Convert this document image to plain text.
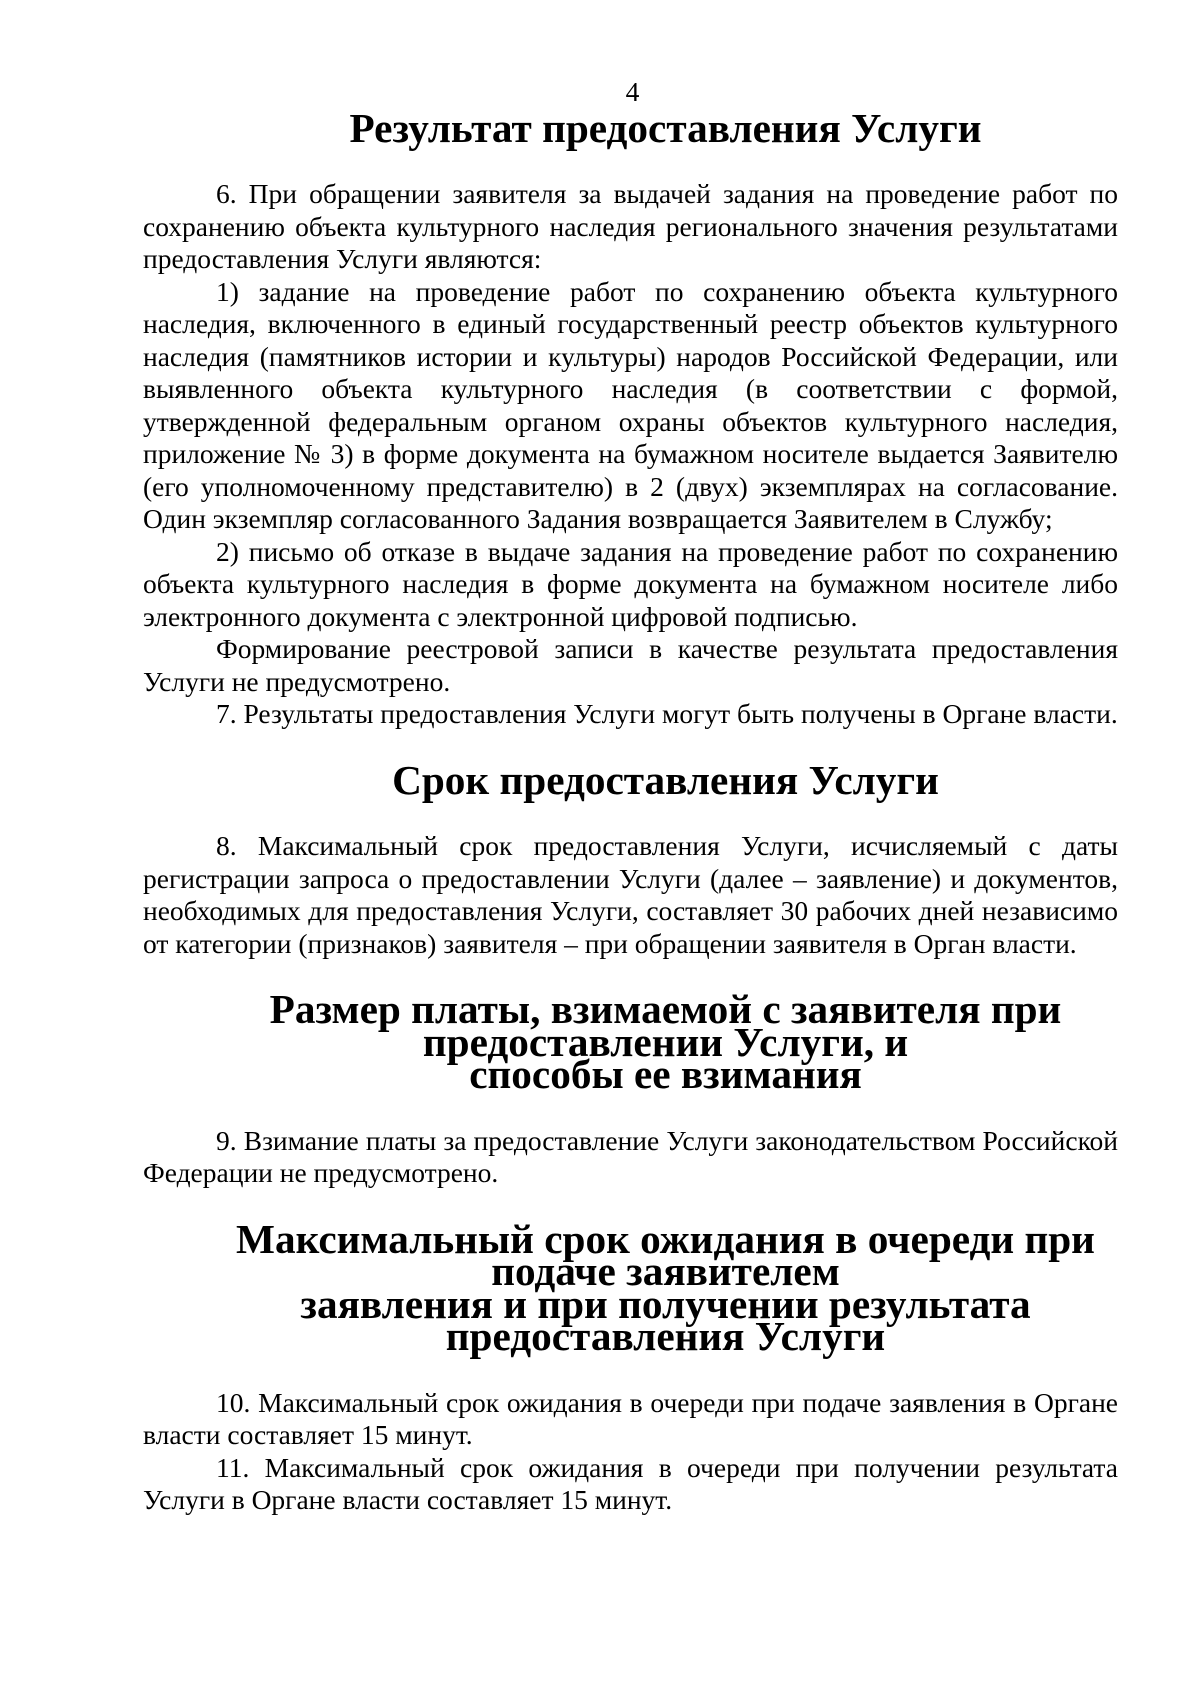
4

Результат предоставления Услуги

6. При обращении заявителя за выдачей задания на проведение работ по сохранению объекта культурного наследия регионального значения результатами предоставления Услуги являются:

1) задание на проведение работ по сохранению объекта культурного наследия, включенного в единый государственный реестр объектов культурного наследия (памятников истории и культуры) народов Российской Федерации, или выявленного объекта культурного наследия (в соответствии с формой, утвержденной федеральным органом охраны объектов культурного наследия, приложение № 3) в форме документа на бумажном носителе выдается Заявителю (его уполномоченному представителю) в 2 (двух) экземплярах на согласование. Один экземпляр согласованного Задания возвращается Заявителем в Службу;

2) письмо об отказе в выдаче задания на проведение работ по сохранению объекта культурного наследия в форме документа на бумажном носителе либо электронного документа с электронной цифровой подписью.

Формирование реестровой записи в качестве результата предоставления Услуги не предусмотрено.

7. Результаты предоставления Услуги могут быть получены в Органе власти.

Срок предоставления Услуги

8. Максимальный срок предоставления Услуги, исчисляемый с даты регистрации запроса о предоставлении Услуги (далее – заявление) и документов, необходимых для предоставления Услуги, составляет 30 рабочих дней независимо от категории (признаков) заявителя – при обращении заявителя в Орган власти.

Размер платы, взимаемой с заявителя при предоставлении Услуги, и
способы ее взимания

9. Взимание платы за предоставление Услуги законодательством Российской Федерации не предусмотрено.

Максимальный срок ожидания в очереди при подаче заявителем
заявления и при получении результата предоставления Услуги

10. Максимальный срок ожидания в очереди при подаче заявления в Органе власти составляет 15 минут.

11. Максимальный срок ожидания в очереди при получении результата Услуги в Органе власти составляет 15 минут.
